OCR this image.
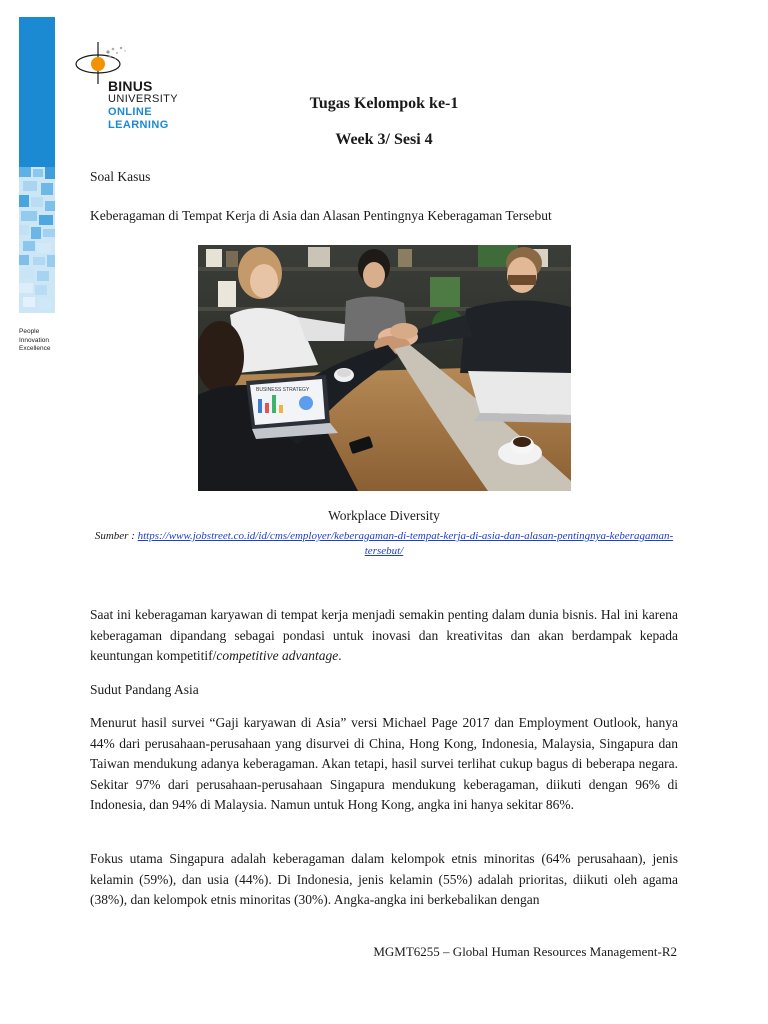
People
Innovation
Excellence
BINUS
UNIVERSITY
ONLINE
LEARNING
Tugas Kelompok ke-1
Week 3/ Sesi 4
Soal Kasus
Keberagaman di Tempat Kerja di Asia dan Alasan Pentingnya Keberagaman Tersebut
BUSINESS STRATEGY
Workplace Diversity
Sumber : https://www.jobstreet.co.id/id/cms/employer/keberagaman-di-tempat-kerja-di-asia-dan-alasan-pentingnya-keberagaman-tersebut/
Saat ini keberagaman karyawan di tempat kerja menjadi semakin penting dalam dunia bisnis. Hal ini karena keberagaman dipandang sebagai pondasi untuk inovasi dan kreativitas dan akan berdampak kepada keuntungan kompetitif/competitive advantage.
Sudut Pandang Asia
Menurut hasil survei “Gaji karyawan di Asia” versi Michael Page 2017 dan Employment Outlook, hanya 44% dari perusahaan-perusahaan yang disurvei di China, Hong Kong, Indonesia, Malaysia, Singapura dan Taiwan mendukung adanya keberagaman. Akan tetapi, hasil survei terlihat cukup bagus di beberapa negara. Sekitar 97% dari perusahaan-perusahaan Singapura mendukung keberagaman, diikuti dengan 96% di Indonesia, dan 94% di Malaysia. Namun untuk Hong Kong, angka ini hanya sekitar 86%.
Fokus utama Singapura adalah keberagaman dalam kelompok etnis minoritas (64% perusahaan), jenis kelamin (59%), dan usia (44%). Di Indonesia, jenis kelamin (55%) adalah prioritas, diikuti oleh agama (38%), dan kelompok etnis minoritas (30%). Angka-angka ini berkebalikan dengan
MGMT6255 – Global Human Resources Management-R2
